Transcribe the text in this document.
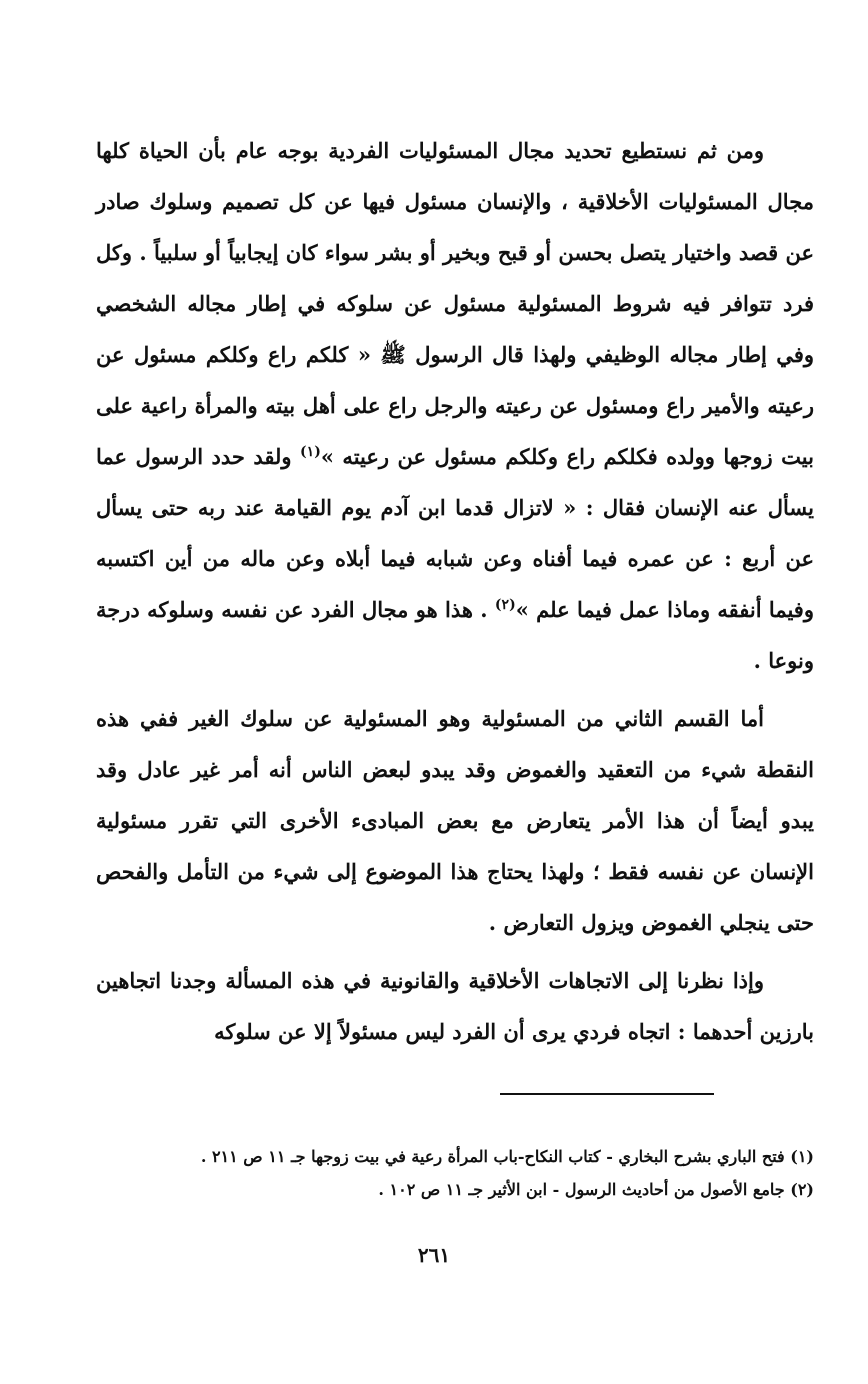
ومن ثم نستطيع تحديد مجال المسئوليات الفردية بوجه عام بأن الحياة كلها مجال المسئوليات الأخلاقية ، والإنسان مسئول فيها عن كل تصميم وسلوك صادر عن قصد واختيار يتصل بحسن أو قبح وبخير أو بشر سواء كان إيجابياً أو سلبياً . وكل فرد تتوافر فيه شروط المسئولية مسئول عن سلوكه في إطار مجاله الشخصي وفي إطار مجاله الوظيفي ولهذا قال الرسول ﷺ « كلكم راع وكلكم مسئول عن رعيته والأمير راع ومسئول عن رعيته والرجل راع على أهل بيته والمرأة راعية على بيت زوجها وولده فكلكم راع وكلكم مسئول عن رعيته »$^{(١)}$ ولقد حدد الرسول عما يسأل عنه الإنسان فقال : « لاتزال قدما ابن آدم يوم القيامة عند ربه حتى يسأل عن أربع : عن عمره فيما أفناه وعن شبابه فيما أبلاه وعن ماله من أين اكتسبه وفيما أنفقه وماذا عمل فيما علم »$^{(٢)}$ . هذا هو مجال الفرد عن نفسه وسلوكه درجة ونوعا .

أما القسم الثاني من المسئولية وهو المسئولية عن سلوك الغير ففي هذه النقطة شيء من التعقيد والغموض وقد يبدو لبعض الناس أنه أمر غير عادل وقد يبدو أيضاً أن هذا الأمر يتعارض مع بعض المبادىء الأخرى التي تقرر مسئولية الإنسان عن نفسه فقط ؛ ولهذا يحتاج هذا الموضوع إلى شيء من التأمل والفحص حتى ينجلي الغموض ويزول التعارض .

وإذا نظرنا إلى الاتجاهات الأخلاقية والقانونية في هذه المسألة وجدنا اتجاهين بارزين أحدهما : اتجاه فردي يرى أن الفرد ليس مسئولاً إلا عن سلوكه

(١) فتح الباري بشرح البخاري - كتاب النكاح-باب المرأة رعية في بيت زوجها جـ ١١ ص ٢١١ .

(٢) جامع الأصول من أحاديث الرسول - ابن الأثير جـ ١١ ص ١٠٢ .

٢٦١
